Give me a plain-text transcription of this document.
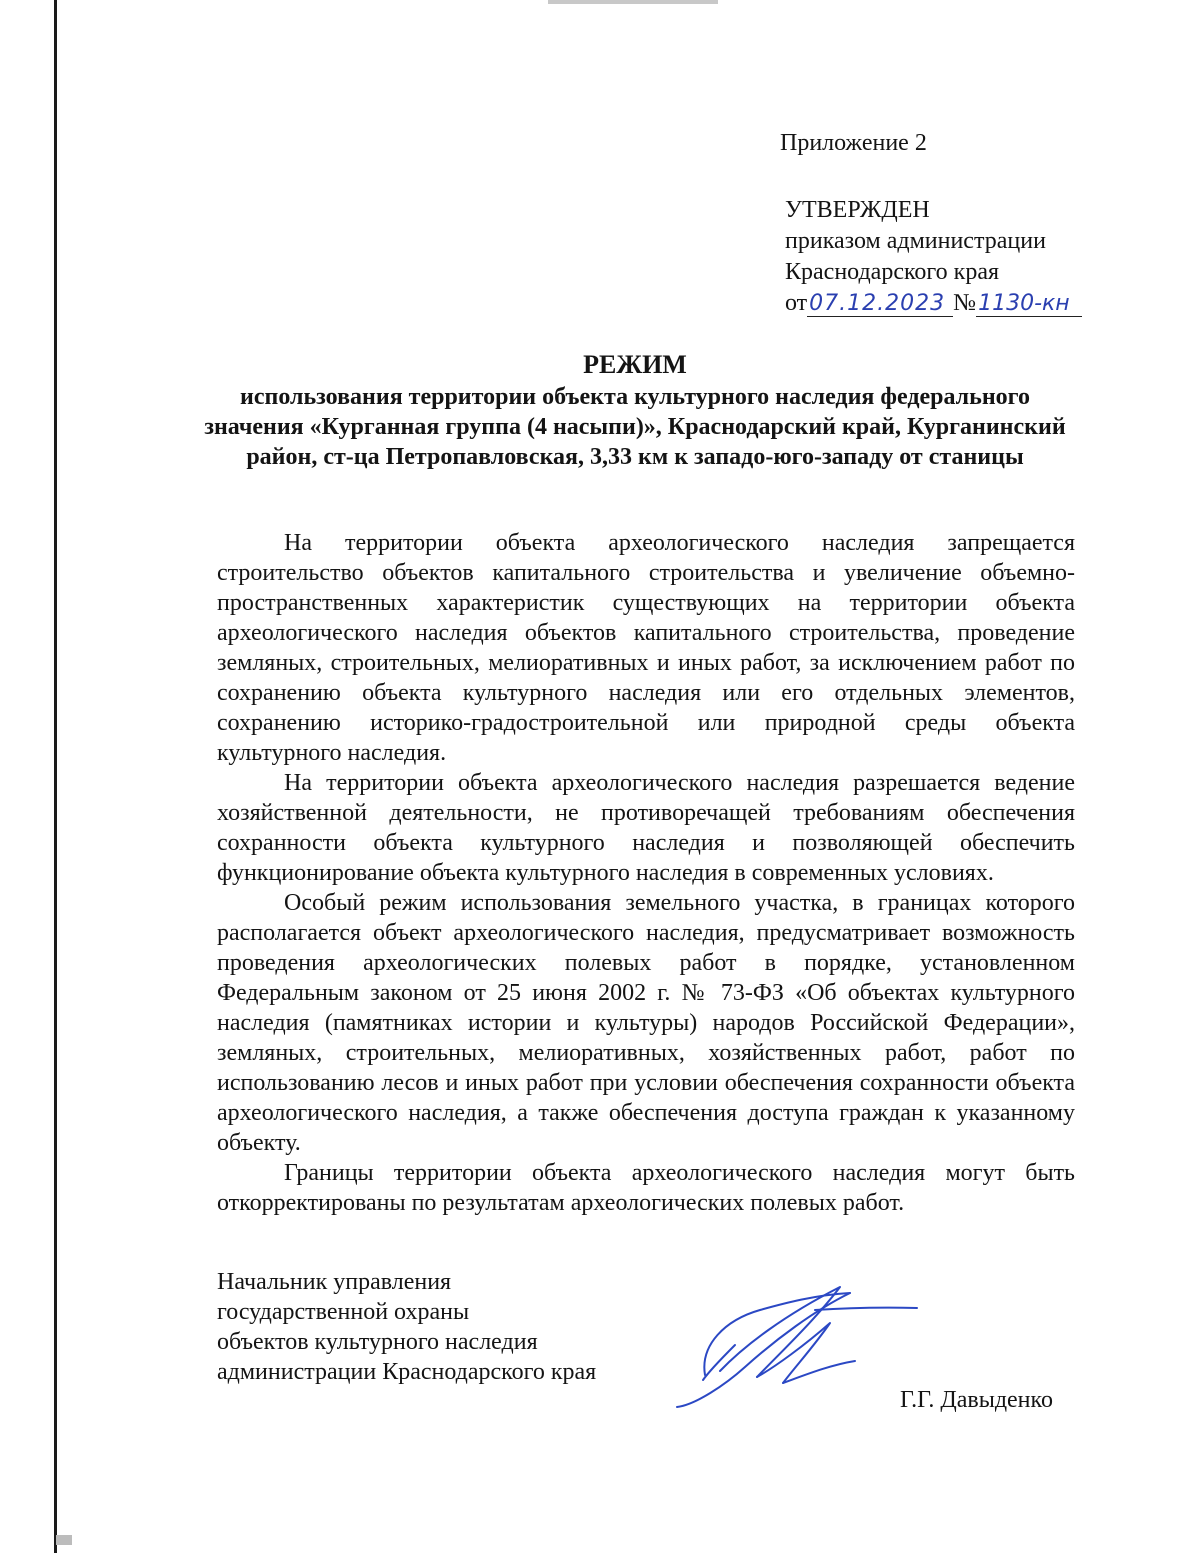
Приложение 2
УТВЕРЖДЕН
приказом администрации
Краснодарского края
от07.12.2023 №1130-кн
РЕЖИМ
использования территории объекта культурного наследия федерального значения «Курганная группа (4 насыпи)», Краснодарский край, Курганинский район, ст-ца Петропавловская, 3,33 км к западо-юго-западу от станицы

На территории объекта археологического наследия запрещается строительство объектов капитального строительства и увеличение объемно-пространственных характеристик существующих на территории объекта археологического наследия объектов капитального строительства, проведение земляных, строительных, мелиоративных и иных работ, за исключением работ по сохранению объекта культурного наследия или его отдельных элементов, сохранению историко-градостроительной или природной среды объекта культурного наследия.

На территории объекта археологического наследия разрешается ведение хозяйственной деятельности, не противоречащей требованиям обеспечения сохранности объекта культурного наследия и позволяющей обеспечить функционирование объекта культурного наследия в современных условиях.

Особый режим использования земельного участка, в границах которого располагается объект археологического наследия, предусматривает возможность проведения археологических полевых работ в порядке, установленном Федеральным законом от 25 июня 2002 г. № 73-ФЗ «Об объектах культурного наследия (памятниках истории и культуры) народов Российской Федерации», земляных, строительных, мелиоративных, хозяйственных работ, работ по использованию лесов и иных работ при условии обеспечения сохранности объекта археологического наследия, а также обеспечения доступа граждан к указанному объекту.

Границы территории объекта археологического наследия могут быть откорректированы по результатам археологических полевых работ.

Начальник управления
государственной охраны
объектов культурного наследия
администрации Краснодарского края
Г.Г. Давыденко
